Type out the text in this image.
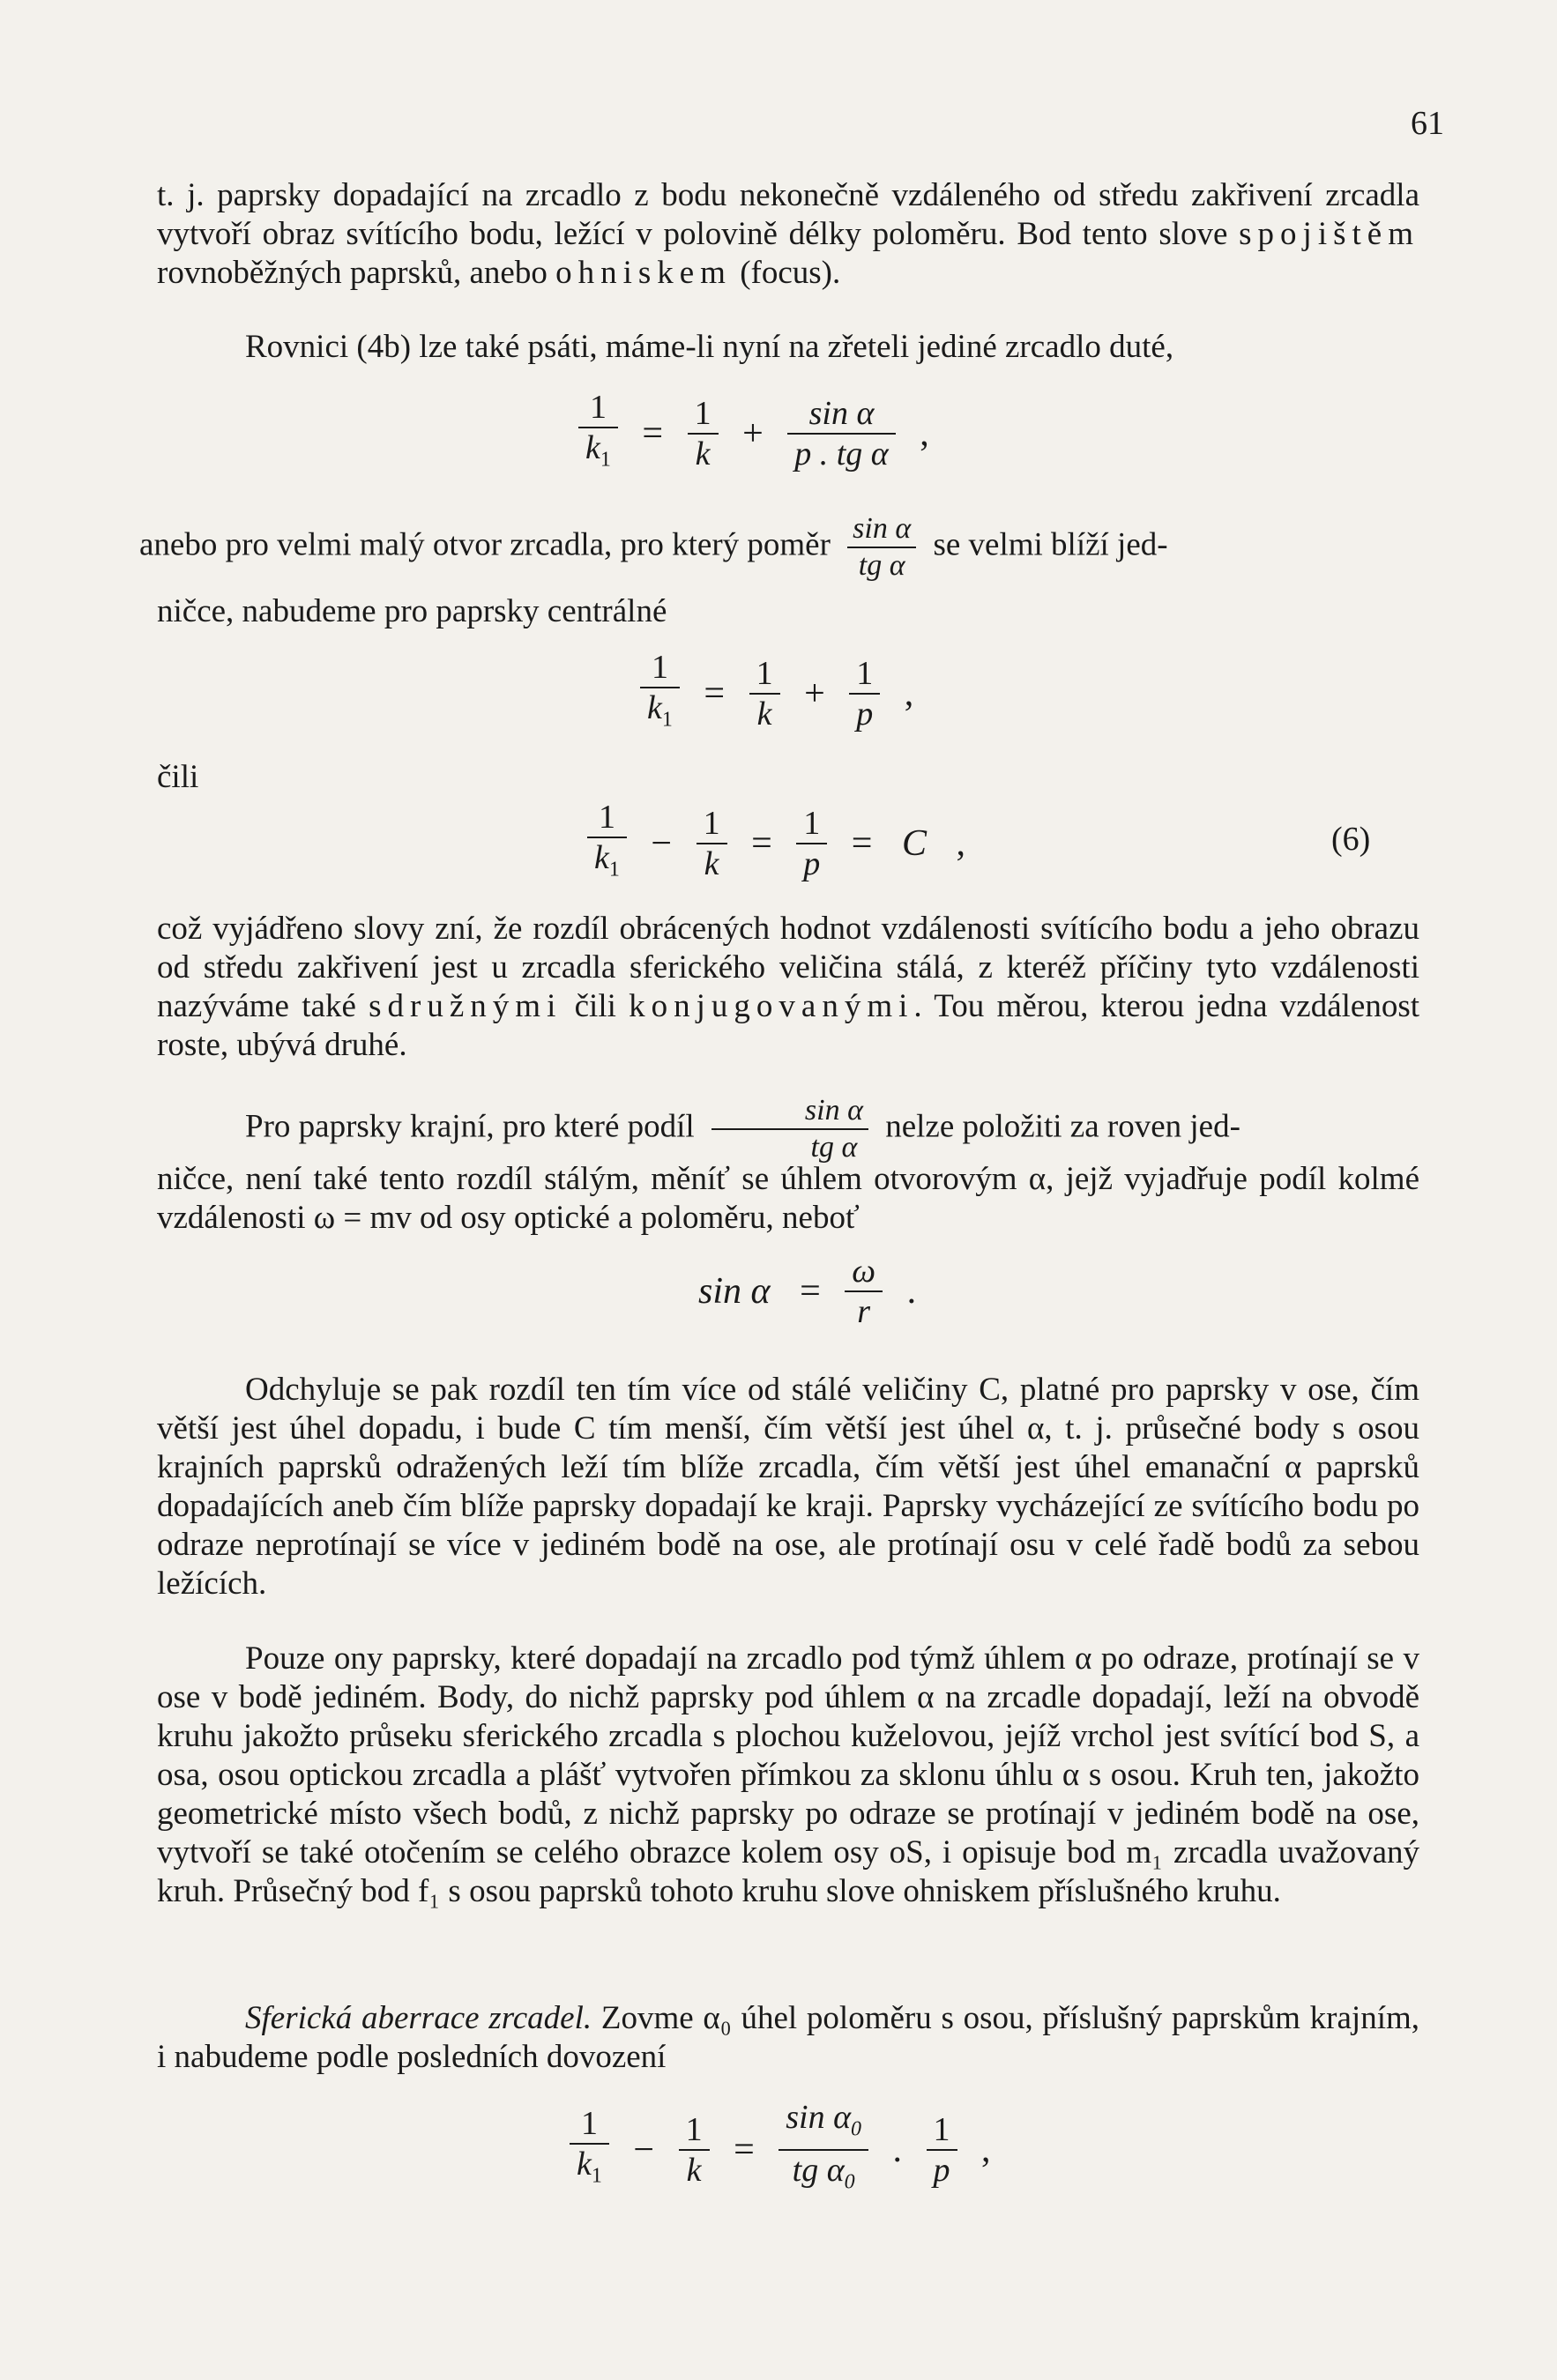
61
t. j. paprsky dopadající na zrcadlo z bodu nekonečně vzdáleného od středu zakřivení zrcadla vytvoří obraz svítícího bodu, ležící v polovině délky poloměru. Bod tento slove spojištěm rovnoběžných paprsků, anebo ohniskem (focus).
Rovnici (4b) lze také psáti, máme-li nyní na zřeteli jediné zrcadlo duté,
$\frac{1}{k_1} = \frac{1}{k} + \frac{\text{sin α}}{\text{p . tg α}}$ ,
anebo pro velmi malý otvor zrcadla, pro který poměr $\frac{\text{sin α}}{\text{tg α}}$ se velmi blíží jed-
ničce, nabudeme pro paprsky centrálné
$\frac{1}{k_1} = \frac{1}{k} + \frac{1}{p}$ ,
čili
$\frac{1}{k_1} - \frac{1}{k} = \frac{1}{p} = C$ ,	(6)
což vyjádřeno slovy zní, že rozdíl obrácených hodnot vzdálenosti svítícího bodu a jeho obrazu od středu zakřivení jest u zrcadla sferického veličina stálá, z kteréž příčiny tyto vzdálenosti nazýváme také sdružnými čili konjugovanými. Tou měrou, kterou jedna vzdálenost roste, ubývá druhé.
Pro paprsky krajní, pro které podíl $\frac{\text{sin α}}{\text{tg α}}$ nelze položiti za roven jed-
ničce, není také tento rozdíl stálým, měníť se úhlem otvorovým α, jejž vyjadřuje podíl kolmé vzdálenosti ω = mv od osy optické a poloměru, neboť
$\sin \alpha = \frac{\omega}{r}$ .
Odchyluje se pak rozdíl ten tím více od stálé veličiny C, platné pro paprsky v ose, čím větší jest úhel dopadu, i bude C tím menší, čím větší jest úhel α, t. j. průsečné body s osou krajních paprsků odražených leží tím blíže zrcadla, čím větší jest úhel emanační α paprsků dopadajících aneb čím blíže paprsky dopadají ke kraji. Paprsky vycházející ze svítícího bodu po odraze neprotínají se více v jediném bodě na ose, ale protínají osu v celé řadě bodů za sebou ležících.
Pouze ony paprsky, které dopadají na zrcadlo pod týmž úhlem α po odraze, protínají se v ose v bodě jediném. Body, do nichž paprsky pod úhlem α na zrcadle dopadají, leží na obvodě kruhu jakožto průseku sferického zrcadla s plochou kuželovou, jejíž vrchol jest svítící bod S, a osa, osou optickou zrcadla a plášť vytvořen přímkou za sklonu úhlu α s osou. Kruh ten, jakožto geometrické místo všech bodů, z nichž paprsky po odraze se protínají v jediném bodě na ose, vytvoří se také otočením se celého obrazce kolem osy oS, i opisuje bod m₁ zrcadla uvažovaný kruh. Průsečný bod f₁ s osou paprsků tohoto kruhu slove ohniskem příslušného kruhu.
Sferická aberrace zrcadel. Zovme α₀ úhel poloměru s osou, příslušný paprskům krajním, i nabudeme podle posledních dovození
$\frac{1}{k_1} - \frac{1}{k} = \frac{\sin \alpha_0}{tg \alpha_0}$ . $\frac{1}{p}$ ,
